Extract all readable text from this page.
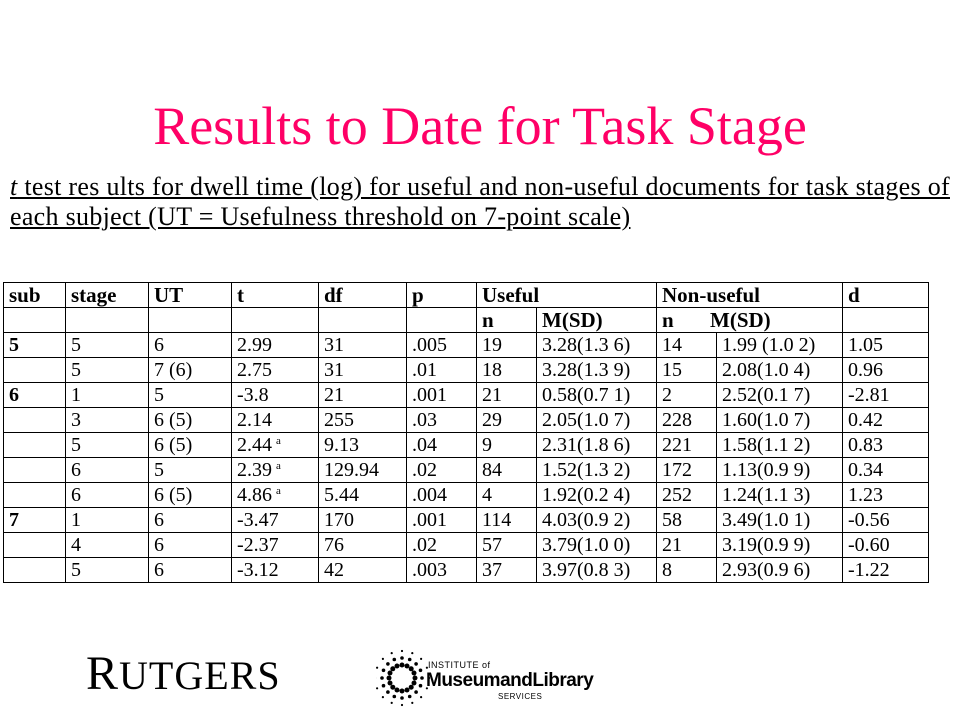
Results to Date for Task Stage
t test res ults for dwell time (log) for useful and non-useful documents for task stages of each subject (UT = Usefulness threshold on 7-point scale)
sub	stage	UT	t	df	p	Useful		Non-useful		d
						n	M(SD)	n M(SD)		

5	5	6	2.99	31	.005	19	3.28(1.3 6)	14	1.99 (1.0 2)	1.05
	5	7 (6)	2.75	31	.01	18	3.28(1.3 9)	15	2.08(1.0 4)	0.96
6	1	5	-3.8	21	.001	21	0.58(0.7 1)	2	2.52(0.1 7)	-2.81
	3	6 (5)	2.14	255	.03	29	2.05(1.0 7)	228	1.60(1.0 7)	0.42
	5	6 (5)	2.44 $^a$	9.13	.04	9	2.31(1.8 6)	221	1.58(1.1 2)	0.83
	6	5	2.39 $^a$	129.94	.02	84	1.52(1.3 2)	172	1.13(0.9 9)	0.34
	6	6 (5)	4.86 $^a$	5.44	.004	4	1.92(0.2 4)	252	1.24(1.1 3)	1.23
7	1	6	-3.47	170	.001	114	4.03(0.9 2)	58	3.49(1.0 1)	-0.56
	4	6	-2.37	76	.02	57	3.79(1.0 0)	21	3.19(0.9 9)	-0.60
	5	6	-3.12	42	.003	37	3.97(0.8 3)	8	2.93(0.9 6)	-1.22
RUTGERS	INSTITUTE of
MuseumandLibrary
SERVICES
